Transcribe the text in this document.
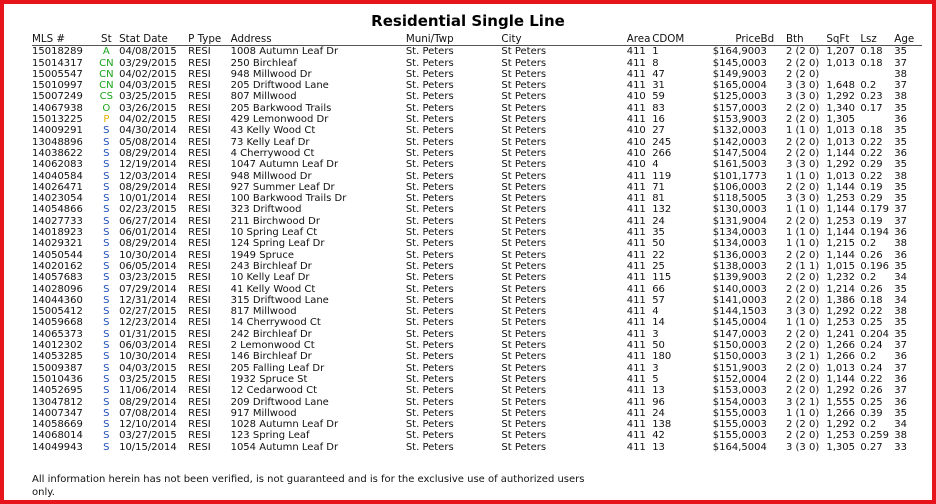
Residential Single Line
MLS #	St	Stat Date	P Type	Address	Muni/Twp	City	Area	CDOM	Price	Bd	Bth	SqFt	Lsz	Age
15018289	A	04/08/2015	RESI	1008 Autumn Leaf Dr	St. Peters	St Peters	411	1	$164,900	3	2 (2 0)	1,207	0.18	35
15014317	CN	03/29/2015	RESI	250 Birchleaf	St. Peters	St Peters	411	8	$145,000	3	2 (2 0)	1,013	0.18	37
15005547	CN	04/02/2015	RESI	948 Millwood Dr	St. Peters	St Peters	411	47	$149,900	3	2 (2 0)			38
15010997	CN	04/03/2015	RESI	205 Driftwood Lane	St. Peters	St Peters	411	31	$165,000	4	3 (3 0)	1,648	0.2	37
15007249	CS	03/25/2015	RESI	807 Millwood	St. Peters	St Peters	410	59	$125,000	3	3 (3 0)	1,292	0.23	38
14067938	O	03/26/2015	RESI	205 Barkwood Trails	St. Peters	St Peters	411	83	$157,000	3	2 (2 0)	1,340	0.17	35
15013225	P	04/02/2015	RESI	429 Lemonwood Dr	St. Peters	St Peters	411	16	$153,900	3	2 (2 0)	1,305		36
14009291	S	04/30/2014	RESI	43 Kelly Wood Ct	St. Peters	St Peters	410	27	$132,000	3	1 (1 0)	1,013	0.18	35
13048896	S	05/08/2014	RESI	73 Kelly Leaf Dr	St. Peters	St Peters	410	245	$142,000	3	2 (2 0)	1,013	0.22	35
14038622	S	08/29/2014	RESI	4 Cherrywood Ct	St. Peters	St Peters	410	266	$147,500	4	2 (2 0)	1,144	0.22	36
14062083	S	12/19/2014	RESI	1047 Autumn Leaf Dr	St. Peters	St Peters	410	4	$161,500	3	3 (3 0)	1,292	0.29	35
14040584	S	12/03/2014	RESI	948 Millwood Dr	St. Peters	St Peters	411	119	$101,177	3	1 (1 0)	1,013	0.22	38
14026471	S	08/29/2014	RESI	927 Summer Leaf Dr	St. Peters	St Peters	411	71	$106,000	3	2 (2 0)	1,144	0.19	35
14023054	S	10/01/2014	RESI	100 Barkwood Trails Dr	St. Peters	St Peters	411	81	$118,500	5	3 (3 0)	1,253	0.29	35
14054866	S	02/23/2015	RESI	323 Driftwood	St. Peters	St Peters	411	132	$130,000	3	1 (1 0)	1,144	0.179	37
14027733	S	06/27/2014	RESI	211 Birchwood Dr	St. Peters	St Peters	411	24	$131,900	4	2 (2 0)	1,253	0.19	37
14018923	S	06/01/2014	RESI	10 Spring Leaf Ct	St. Peters	St Peters	411	35	$134,000	3	1 (1 0)	1,144	0.194	36
14029321	S	08/29/2014	RESI	124 Spring Leaf Dr	St. Peters	St Peters	411	50	$134,000	3	1 (1 0)	1,215	0.2	38
14050544	S	10/30/2014	RESI	1949 Spruce	St. Peters	St Peters	411	22	$136,000	3	2 (2 0)	1,144	0.26	36
14020162	S	06/05/2014	RESI	243 Birchleaf Dr	St. Peters	St Peters	411	25	$138,000	3	2 (1 1)	1,015	0.196	35
14057683	S	03/23/2015	RESI	10 Kelly Leaf Dr	St. Peters	St Peters	411	115	$139,900	3	2 (2 0)	1,232	0.2	34
14028096	S	07/29/2014	RESI	41 Kelly Wood Ct	St. Peters	St Peters	411	66	$140,000	3	2 (2 0)	1,214	0.26	35
14044360	S	12/31/2014	RESI	315 Driftwood Lane	St. Peters	St Peters	411	57	$141,000	3	2 (2 0)	1,386	0.18	34
15005412	S	02/27/2015	RESI	817 Millwood	St. Peters	St Peters	411	4	$144,150	3	3 (3 0)	1,292	0.22	38
14059668	S	12/23/2014	RESI	14 Cherrywood Ct	St. Peters	St Peters	411	14	$145,000	4	1 (1 0)	1,253	0.25	35
14065373	S	01/31/2015	RESI	242 Birchleaf Dr	St. Peters	St Peters	411	3	$147,000	3	2 (2 0)	1,241	0.204	35
14012302	S	06/03/2014	RESI	2 Lemonwood Ct	St. Peters	St Peters	411	50	$150,000	3	2 (2 0)	1,266	0.24	37
14053285	S	10/30/2014	RESI	146 Birchleaf Dr	St. Peters	St Peters	411	180	$150,000	3	3 (2 1)	1,266	0.2	36
15009387	S	04/03/2015	RESI	205 Falling Leaf Dr	St. Peters	St Peters	411	3	$151,900	3	2 (2 0)	1,013	0.24	37
15010436	S	03/25/2015	RESI	1932 Spruce St	St. Peters	St Peters	411	5	$152,000	4	2 (2 0)	1,144	0.22	36
14052695	S	11/06/2014	RESI	12 Cedarwood Ct	St. Peters	St Peters	411	13	$153,000	3	2 (2 0)	1,292	0.26	37
13047812	S	08/29/2014	RESI	209 Driftwood Lane	St. Peters	St Peters	411	96	$154,000	3	3 (2 1)	1,555	0.25	36
14007347	S	07/08/2014	RESI	917 Millwood	St. Peters	St Peters	411	24	$155,000	3	1 (1 0)	1,266	0.39	35
14058669	S	12/10/2014	RESI	1028 Autumn Leaf Dr	St. Peters	St Peters	411	138	$155,000	3	2 (2 0)	1,292	0.2	34
14068014	S	03/27/2015	RESI	123 Spring Leaf	St. Peters	St Peters	411	42	$155,000	3	2 (2 0)	1,253	0.259	38
14049943	S	10/15/2014	RESI	1054 Autumn Leaf Dr	St. Peters	St Peters	411	13	$164,500	4	3 (3 0)	1,305	0.27	33
All information herein has not been verified, is not guaranteed and is for the exclusive use of authorized users only.
